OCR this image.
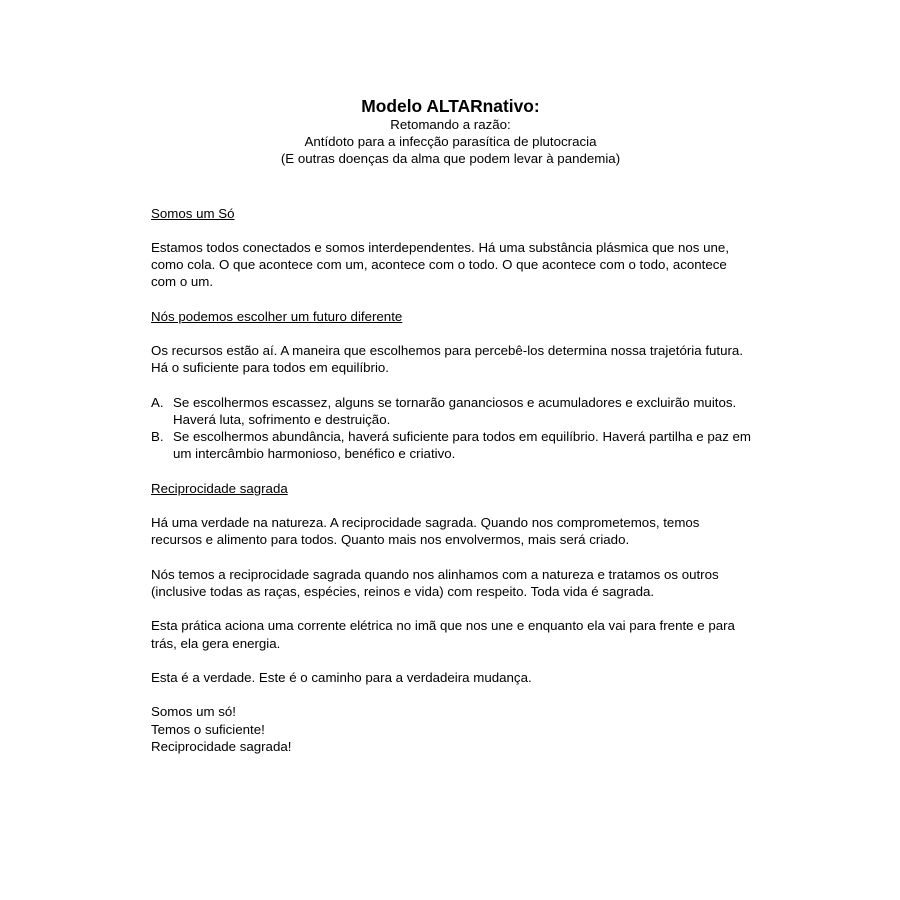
Modelo ALTARnativo:
Retomando a razão:
Antídoto para a infecção parasítica de plutocracia
(E outras doenças da alma que podem levar à pandemia)

Somos um Só

Estamos todos conectados e somos interdependentes. Há uma substância plásmica que nos une, como cola. O que acontece com um, acontece com o todo. O que acontece com o todo, acontece com o um.

Nós podemos escolher um futuro diferente

Os recursos estão aí. A maneira que escolhemos para percebê-los determina nossa trajetória futura. Há o suficiente para todos em equilíbrio.

A. Se escolhermos escassez, alguns se tornarão gananciosos e acumuladores e excluirão muitos. Haverá luta, sofrimento e destruição.
B. Se escolhermos abundância, haverá suficiente para todos em equilíbrio. Haverá partilha e paz em um intercâmbio harmonioso, benéfico e criativo.

Reciprocidade sagrada

Há uma verdade na natureza. A reciprocidade sagrada. Quando nos comprometemos, temos recursos e alimento para todos. Quanto mais nos envolvermos, mais será criado.

Nós temos a reciprocidade sagrada quando nos alinhamos com a natureza e tratamos os outros (inclusive todas as raças, espécies, reinos e vida) com respeito. Toda vida é sagrada.

Esta prática aciona uma corrente elétrica no imã que nos une e enquanto ela vai para frente e para trás, ela gera energia.

Esta é a verdade. Este é o caminho para a verdadeira mudança.

Somos um só!
Temos o suficiente!
Reciprocidade sagrada!
